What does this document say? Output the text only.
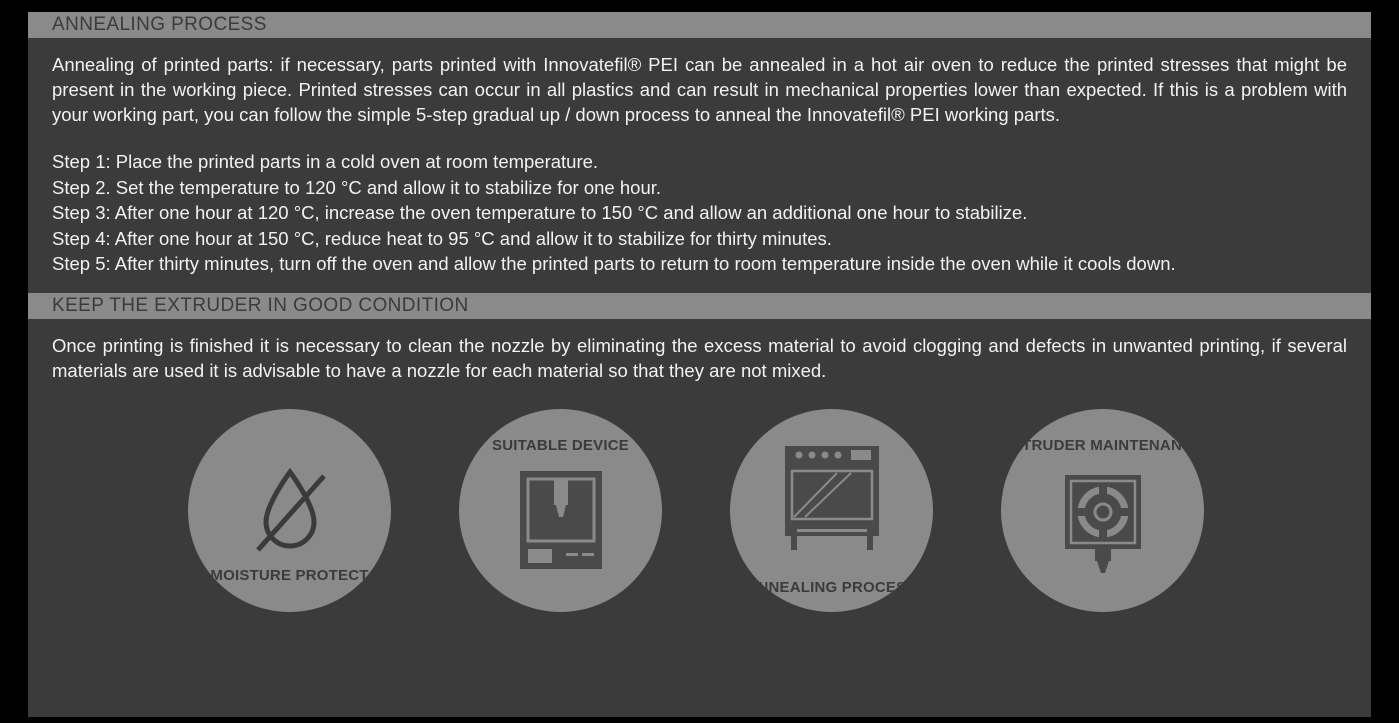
ANNEALING PROCESS
Annealing of printed parts: if necessary, parts printed with Innovatefil® PEI can be annealed in a hot air oven to reduce the printed stresses that might be present in the working piece. Printed stresses can occur in all plastics and can result in mechanical properties lower than expected. If this is a problem with your working part, you can follow the simple 5-step gradual up / down process to anneal the Innovatefil® PEI working parts.
Step 1: Place the printed parts in a cold oven at room temperature.
Step 2. Set the temperature to 120 °C and allow it to stabilize for one hour.
Step 3: After one hour at 120 °C, increase the oven temperature to 150 °C and allow an additional one hour to stabilize.
Step 4: After one hour at 150 °C, reduce heat to 95 °C and allow it to stabilize for thirty minutes.
Step 5: After thirty minutes, turn off the oven and allow the printed parts to return to room temperature inside the oven while it cools down.
KEEP THE EXTRUDER IN GOOD CONDITION
Once printing is finished it is necessary to clean the nozzle by eliminating the excess material to avoid clogging and defects in unwanted printing, if several materials are used it is advisable to have a nozzle for each material so that they are not mixed.
MOISTURE PROTECT
SUITABLE DEVICE
ANNEALING PROCESS
EXTRUDER MAINTENANCE
